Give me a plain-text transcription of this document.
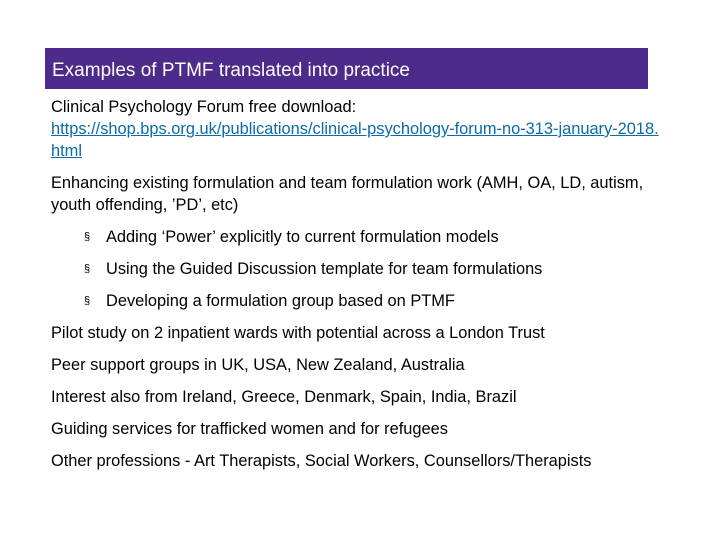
Examples of PTMF translated into practice
Clinical Psychology Forum free download:
https://shop.bps.org.uk/publications/clinical-psychology-forum-no-313-january-2018.html
Enhancing existing formulation and team formulation work (AMH, OA, LD, autism, youth offending, ’PD’, etc)
§ Adding ‘Power’ explicitly to current formulation models
§ Using the Guided Discussion template for team formulations
§ Developing a formulation group based on PTMF
Pilot study on 2 inpatient wards with potential across a London Trust
Peer support groups in UK, USA, New Zealand, Australia
Interest also from Ireland, Greece, Denmark, Spain, India, Brazil
Guiding services for trafficked women and for refugees
Other professions - Art Therapists, Social Workers, Counsellors/Therapists
